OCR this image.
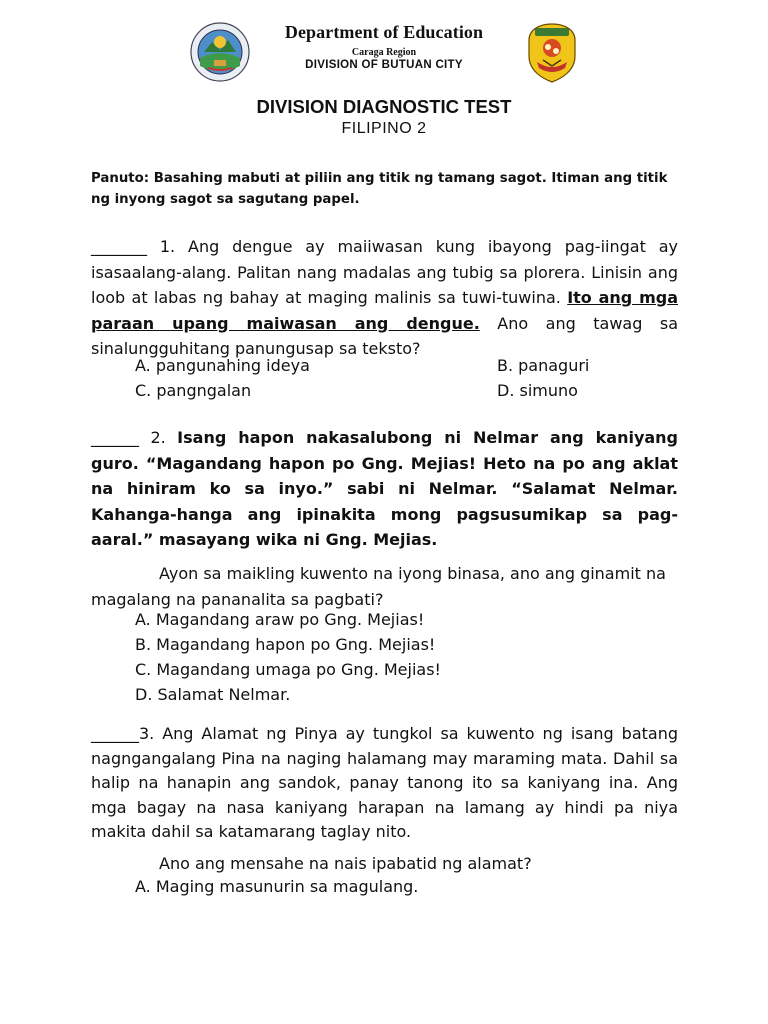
Department of Education
Caraga Region
DIVISION OF BUTUAN CITY
DIVISION DIAGNOSTIC TEST
FILIPINO 2
Panuto: Basahing mabuti at piliin ang titik ng tamang sagot. Itiman ang titik ng inyong sagot sa sagutang papel.
_______ 1. Ang dengue ay maiiwasan kung ibayong pag-iingat ay isasaalang-alang. Palitan nang madalas ang tubig sa plorera. Linisin ang loob at labas ng bahay at maging malinis sa tuwi-tuwina. Ito ang mga paraan upang maiwasan ang dengue. Ano ang tawag sa sinalungguhitang panungusap sa teksto?
A. pangunahing ideya	B. panaguri
C. pangngalan	D. simuno
______ 2. Isang hapon nakasalubong ni Nelmar ang kaniyang guro. “Magandang hapon po Gng. Mejias! Heto na po ang aklat na hiniram ko sa inyo.” sabi ni Nelmar. “Salamat Nelmar. Kahanga-hanga ang ipinakita mong pagsusumikap sa pag-aaral.” masayang wika ni Gng. Mejias.
Ayon sa maikling kuwento na iyong binasa, ano ang ginamit na magalang na pananalita sa pagbati?
A. Magandang araw po Gng. Mejias!
B. Magandang hapon po Gng. Mejias!
C. Magandang umaga po Gng. Mejias!
D. Salamat Nelmar.
______3. Ang Alamat ng Pinya ay tungkol sa kuwento ng isang batang nagngangalang Pina na naging halamang may maraming mata. Dahil sa halip na hanapin ang sandok, panay tanong ito sa kaniyang ina. Ang mga bagay na nasa kaniyang harapan na lamang ay hindi pa niya makita dahil sa katamarang taglay nito.
Ano ang mensahe na nais ipabatid ng alamat?
A. Maging masunurin sa magulang.
